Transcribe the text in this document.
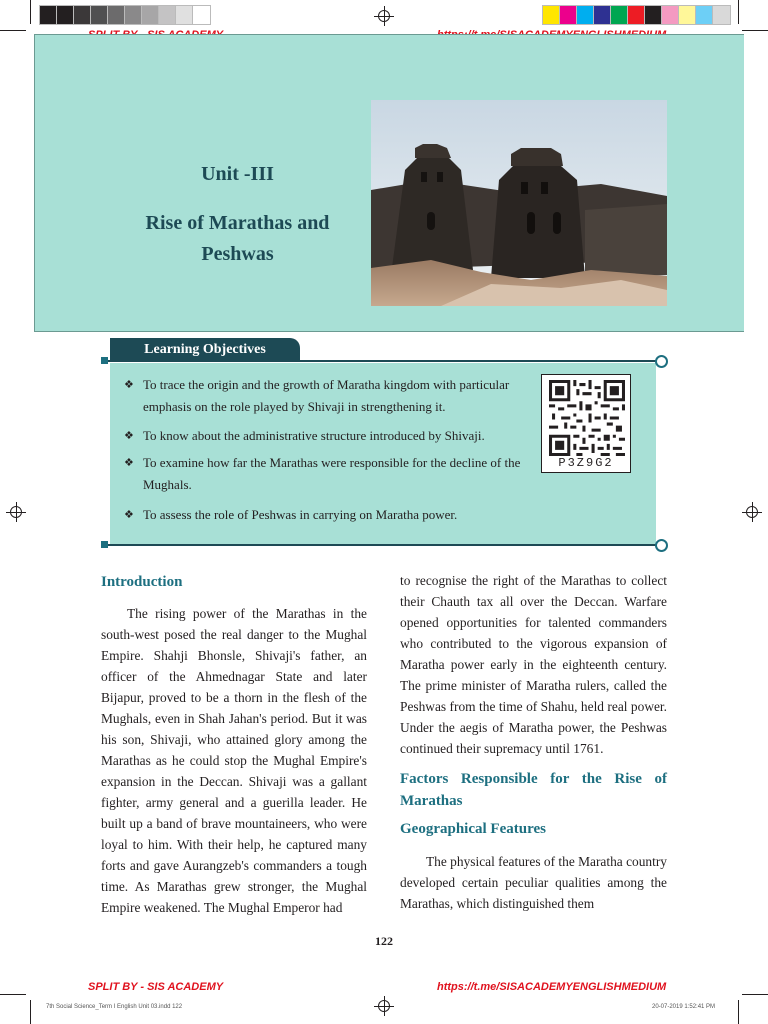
SPLIT BY - SIS ACADEMY	https://t.me/SISACADEMYENGLISHMEDIUM
Unit -III
Rise of Marathas and Peshwas
Learning Objectives
❖ To trace the origin and the growth of Maratha kingdom with particular emphasis on the role played by Shivaji in strengthening it.
❖ To know about the administrative structure introduced by Shivaji.
❖ To examine how far the Marathas were responsible for the decline of the Mughals.
❖ To assess the role of Peshwas in carrying on Maratha power.
P3Z9G2
Introduction
The rising power of the Marathas in the south-west posed the real danger to the Mughal Empire. Shahji Bhonsle, Shivaji's father, an officer of the Ahmednagar State and later Bijapur, proved to be a thorn in the flesh of the Mughals, even in Shah Jahan's period. But it was his son, Shivaji, who attained glory among the Marathas as he could stop the Mughal Empire's expansion in the Deccan. Shivaji was a gallant fighter, army general and a guerilla leader. He built up a band of brave mountaineers, who were loyal to him. With their help, he captured many forts and gave Aurangzeb's commanders a tough time. As Marathas grew stronger, the Mughal Empire weakened. The Mughal Emperor had
to recognise the right of the Marathas to collect their Chauth tax all over the Deccan. Warfare opened opportunities for talented commanders who contributed to the vigorous expansion of Maratha power early in the eighteenth century. The prime minister of Maratha rulers, called the Peshwas from the time of Shahu, held real power. Under the aegis of Maratha power, the Peshwas continued their supremacy until 1761.
Factors Responsible for the Rise of Marathas
Geographical Features
The physical features of the Maratha country developed certain peculiar qualities among the Marathas, which distinguished them
122
7th Social Science_Term I English Unit 03.indd 122	20-07-2019 1:52:41 PM
